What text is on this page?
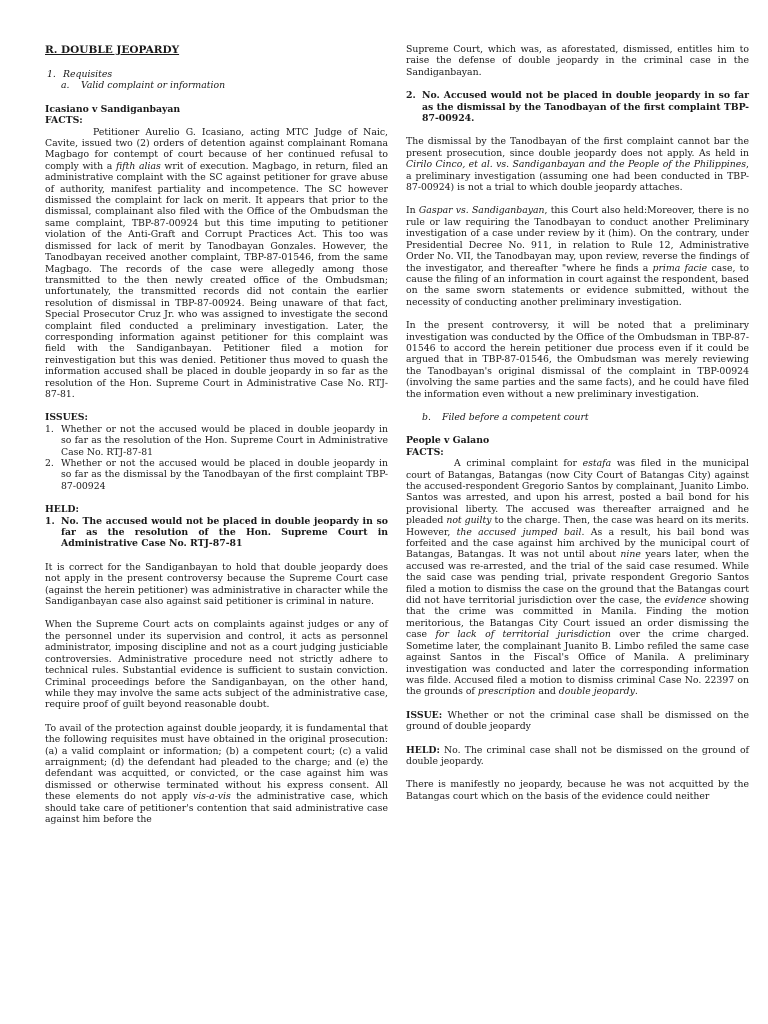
R. DOUBLE JEOPARDY

1. Requisites
a.	Valid complaint or information

Icasiano v Sandiganbayan

FACTS:

Petitioner Aurelio G. Icasiano, acting MTC Judge of Naic, Cavite, issued two (2) orders of detention against complainant Romana Magbago for contempt of court because of her continued refusal to comply with a fifth alias writ of execution. Magbago, in return, filed an administrative complaint with the SC against petitioner for grave abuse of authority, manifest partiality and incompetence. The SC however dismissed the complaint for lack on merit. It appears that prior to the dismissal, complainant also filed with the Office of the Ombudsman the same complaint, TBP-87-00924 but this time imputing to petitioner violation of the Anti-Graft and Corrupt Practices Act. This too was dismissed for lack of merit by Tanodbayan Gonzales. However, the Tanodbayan received another complaint, TBP-87-01546, from the same Magbago. The records of the case were allegedly among those transmitted to the then newly created office of the Ombudsman; unfortunately, the transmitted records did not contain the earlier resolution of dismissal in TBP-87-00924. Being unaware of that fact, Special Prosecutor Cruz Jr. who was assigned to investigate the second complaint filed conducted a preliminary investigation. Later, the corresponding information against petitioner for this complaint was field with the Sandiganbayan. Petitioner filed a motion for reinvestigation but this was denied. Petitioner thus moved to quash the information accused shall be placed in double jeopardy in so far as the resolution of the Hon. Supreme Court in Administrative Case No. RTJ-87-81.

ISSUES:

1. Whether or not the accused would be placed in double jeopardy in so far as the resolution of the Hon. Supreme Court in Administrative Case No. RTJ-87-81
2. Whether or not the accused would be placed in double jeopardy in so far as the dismissal by the Tanodbayan of the first complaint TBP-87-00924

HELD:

1. No. The accused would not be placed in double jeopardy in so far as the resolution of the Hon. Supreme Court in Administrative Case No. RTJ-87-81

It is correct for the Sandiganbayan to hold that double jeopardy does not apply in the present controversy because the Supreme Court case (against the herein petitioner) was administrative in character while the Sandiganbayan case also against said petitioner is criminal in nature.

When the Supreme Court acts on complaints against judges or any of the personnel under its supervision and control, it acts as personnel administrator, imposing discipline and not as a court judging justiciable controversies. Administrative procedure need not strictly adhere to technical rules. Substantial evidence is sufficient to sustain conviction. Criminal proceedings before the Sandiganbayan, on the other hand, while they may involve the same acts subject of the administrative case, require proof of guilt beyond reasonable doubt.

To avail of the protection against double jeopardy, it is fundamental that the following requisites must have obtained in the original prosecution: (a) a valid complaint or information; (b) a competent court; (c) a valid arraignment; (d) the defendant had pleaded to the charge; and (e) the defendant was acquitted, or convicted, or the case against him was dismissed or otherwise terminated without his express consent. All these elements do not apply vis-a-vis the administrative case, which should take care of petitioner's contention that said administrative case against him before the

Supreme Court, which was, as aforestated, dismissed, entitles him to raise the defense of double jeopardy in the criminal case in the Sandiganbayan.

2. No. Accused would not be placed in double jeopardy in so far as the dismissal by the Tanodbayan of the first complaint TBP-87-00924.

The dismissal by the Tanodbayan of the first complaint cannot bar the present prosecution, since double jeopardy does not apply. As held in Cirilo Cinco, et al. vs. Sandiganbayan and the People of the Philippines, a preliminary investigation (assuming one had been conducted in TBP-87-00924) is not a trial to which double jeopardy attaches.

In Gaspar vs. Sandiganbayan, this Court also held:Moreover, there is no rule or law requiring the Tanodbayan to conduct another Preliminary investigation of a case under review by it (him). On the contrary, under Presidential Decree No. 911, in relation to Rule 12, Administrative Order No. VII, the Tanodbayan may, upon review, reverse the findings of the investigator, and thereafter "where he finds a prima facie case, to cause the filing of an information in court against the respondent, based on the same sworn statements or evidence submitted, without the necessity of conducting another preliminary investigation.

In the present controversy, it will be noted that a preliminary investigation was conducted by the Office of the Ombudsman in TBP-87-01546 to accord the herein petitioner due process even if it could be argued that in TBP-87-01546, the Ombudsman was merely reviewing the Tanodbayan's original dismissal of the complaint in TBP-00924 (involving the same parties and the same facts), and he could have filed the information even without a new preliminary investigation.

b.	Filed before a competent court

People v Galano

FACTS:

A criminal complaint for estafa was filed in the municipal court of Batangas, Batangas (now City Court of Batangas City) against the accused-respondent Gregorio Santos by complainant, Juanito Limbo. Santos was arrested, and upon his arrest, posted a bail bond for his provisional liberty. The accused was thereafter arraigned and he pleaded not guilty to the charge. Then, the case was heard on its merits. However, the accused jumped bail. As a result, his bail bond was forfeited and the case against him archived by the municipal court of Batangas, Batangas. It was not until about nine years later, when the accused was re-arrested, and the trial of the said case resumed. While the said case was pending trial, private respondent Gregorio Santos filed a motion to dismiss the case on the ground that the Batangas court did not have territorial jurisdiction over the case, the evidence showing that the crime was committed in Manila. Finding the motion meritorious, the Batangas City Court issued an order dismissing the case for lack of territorial jurisdiction over the crime charged. Sometime later, the complainant Juanito B. Limbo refiled the same case against Santos in the Fiscal's Office of Manila. A preliminary investigation was conducted and later the corresponding information was filde. Accused filed a motion to dismiss criminal Case No. 22397 on the grounds of prescription and double jeopardy.

ISSUE: Whether or not the criminal case shall be dismissed on the ground of double jeopardy

HELD: No. The criminal case shall not be dismissed on the ground of double jeopardy.

There is manifestly no jeopardy, because he was not acquitted by the Batangas court which on the basis of the evidence could neither
